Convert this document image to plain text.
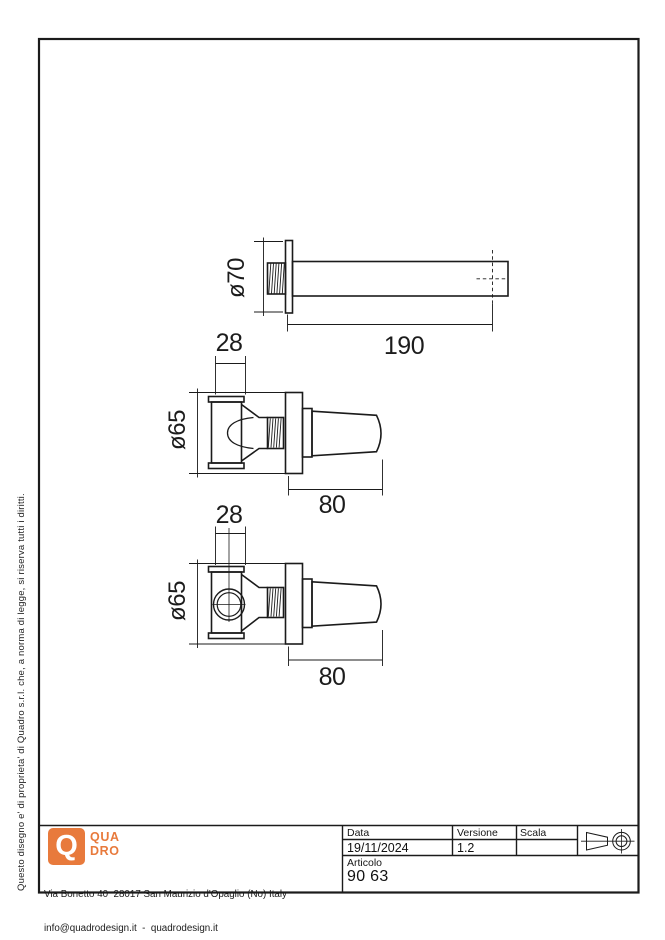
Questo disegno e' di proprieta' di Quadro s.r.l. che, a norma di legge, si riserva tutti i diritti.
ø70
190
28
ø65
80
28
ø65
80
Data
19/11/2024
Versione
1.2
Scala
Articolo
90 63
Q QUA
DRO

Via Bonetto 40  28017 San Maurizio d'Opaglio (No) Italy

info@quadrodesign.it  -  quadrodesign.it
